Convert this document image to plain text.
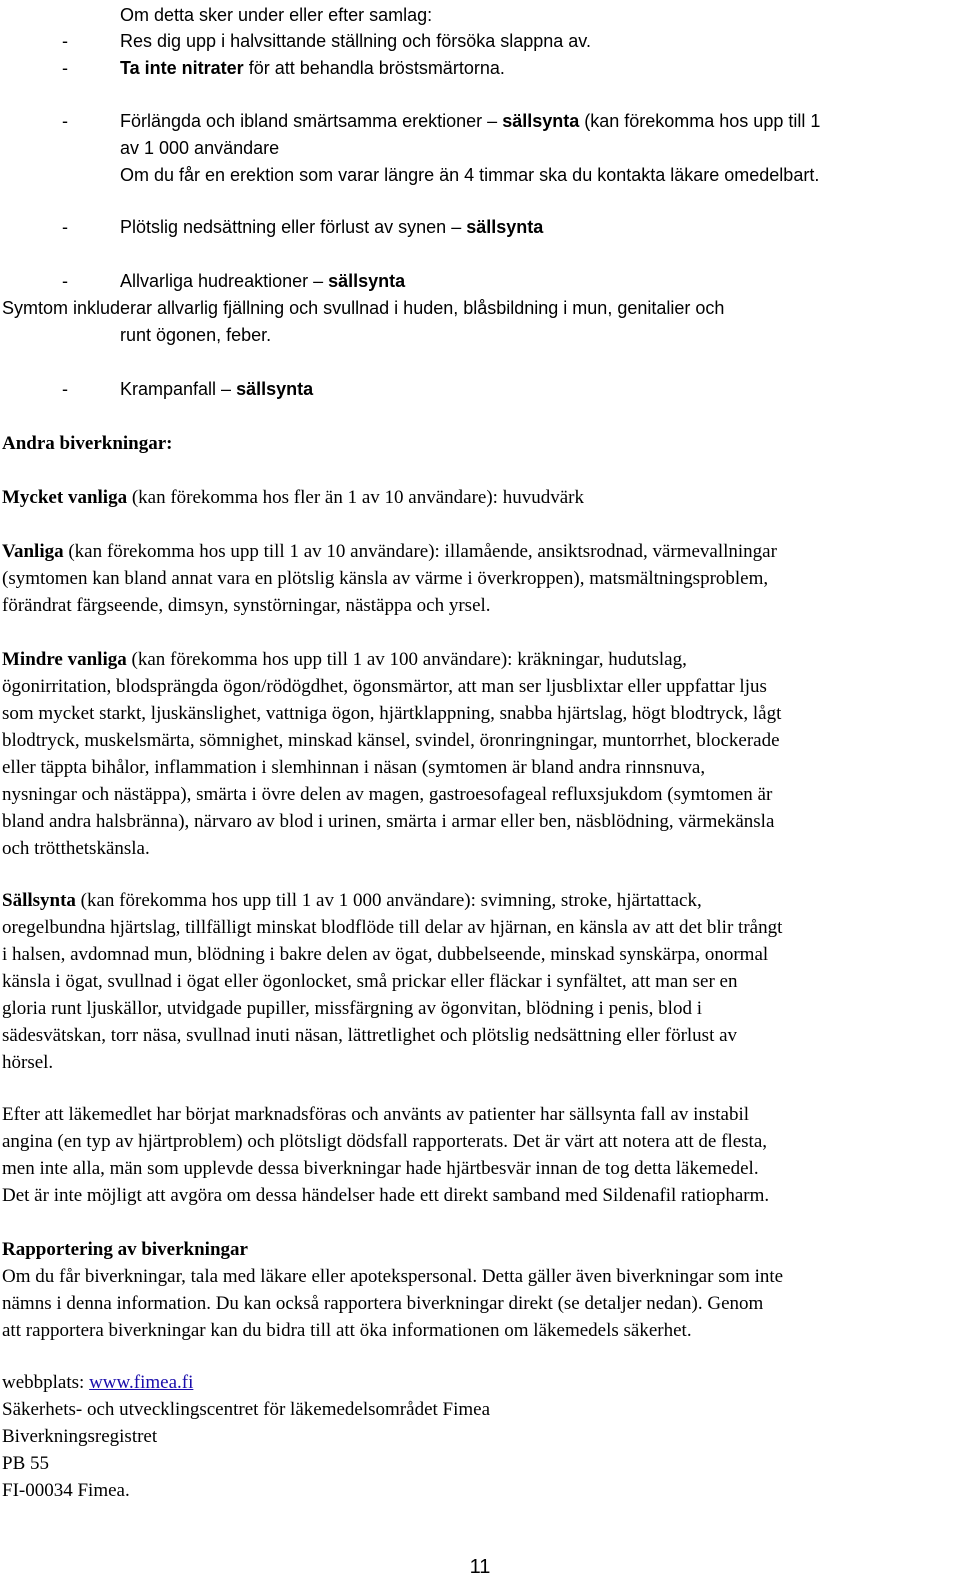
Om detta sker under eller efter samlag:
-	Res dig upp i halvsittande ställning och försöka slappna av.
-	Ta inte nitrater för att behandla bröstsmärtorna.
-	Förlängda och ibland smärtsamma erektioner – sällsynta (kan förekomma hos upp till 1
av 1 000 användare
Om du får en erektion som varar längre än 4 timmar ska du kontakta läkare omedelbart.
-	Plötslig nedsättning eller förlust av synen – sällsynta
-	Allvarliga hudreaktioner – sällsynta
Symtom inkluderar allvarlig fjällning och svullnad i huden, blåsbildning i mun, genitalier och
runt ögonen, feber.
-	Krampanfall – sällsynta
Andra biverkningar:
Mycket vanliga (kan förekomma hos fler än 1 av 10 användare): huvudvärk
Vanliga (kan förekomma hos upp till 1 av 10 användare): illamående, ansiktsrodnad, värmevallningar
(symtomen kan bland annat vara en plötslig känsla av värme i överkroppen), matsmältningsproblem,
förändrat färgseende, dimsyn, synstörningar, nästäppa och yrsel.
Mindre vanliga (kan förekomma hos upp till 1 av 100 användare): kräkningar, hudutslag,
ögonirritation, blodsprängda ögon/rödögdhet, ögonsmärtor, att man ser ljusblixtar eller uppfattar ljus
som mycket starkt, ljuskänslighet, vattniga ögon, hjärtklappning, snabba hjärtslag, högt blodtryck, lågt
blodtryck, muskelsmärta, sömnighet, minskad känsel, svindel, öronringningar, muntorrhet, blockerade
eller täppta bihålor, inflammation i slemhinnan i näsan (symtomen är bland andra rinnsnuva,
nysningar och nästäppa), smärta i övre delen av magen, gastroesofageal refluxsjukdom (symtomen är
bland andra halsbränna), närvaro av blod i urinen, smärta i armar eller ben, näsblödning, värmekänsla
och trötthetskänsla.
Sällsynta (kan förekomma hos upp till 1 av 1 000 användare): svimning, stroke, hjärtattack,
oregelbundna hjärtslag, tillfälligt minskat blodflöde till delar av hjärnan, en känsla av att det blir trångt
i halsen, avdomnad mun, blödning i bakre delen av ögat, dubbelseende, minskad synskärpa, onormal
känsla i ögat, svullnad i ögat eller ögonlocket, små prickar eller fläckar i synfältet, att man ser en
gloria runt ljuskällor, utvidgade pupiller, missfärgning av ögonvitan, blödning i penis, blod i
sädesvätskan, torr näsa, svullnad inuti näsan, lättretlighet och plötslig nedsättning eller förlust av
hörsel.
Efter att läkemedlet har börjat marknadsföras och använts av patienter har sällsynta fall av instabil
angina (en typ av hjärtproblem) och plötsligt dödsfall rapporterats. Det är värt att notera att de flesta,
men inte alla, män som upplevde dessa biverkningar hade hjärtbesvär innan de tog detta läkemedel.
Det är inte möjligt att avgöra om dessa händelser hade ett direkt samband med Sildenafil ratiopharm.
Rapportering av biverkningar
Om du får biverkningar, tala med läkare eller apotekspersonal. Detta gäller även biverkningar som inte
nämns i denna information. Du kan också rapportera biverkningar direkt (se detaljer nedan). Genom
att rapportera biverkningar kan du bidra till att öka informationen om läkemedels säkerhet.
webbplats: www.fimea.fi
Säkerhets- och utvecklingscentret för läkemedelsområdet Fimea
Biverkningsregistret
PB 55
FI-00034 Fimea.
11
